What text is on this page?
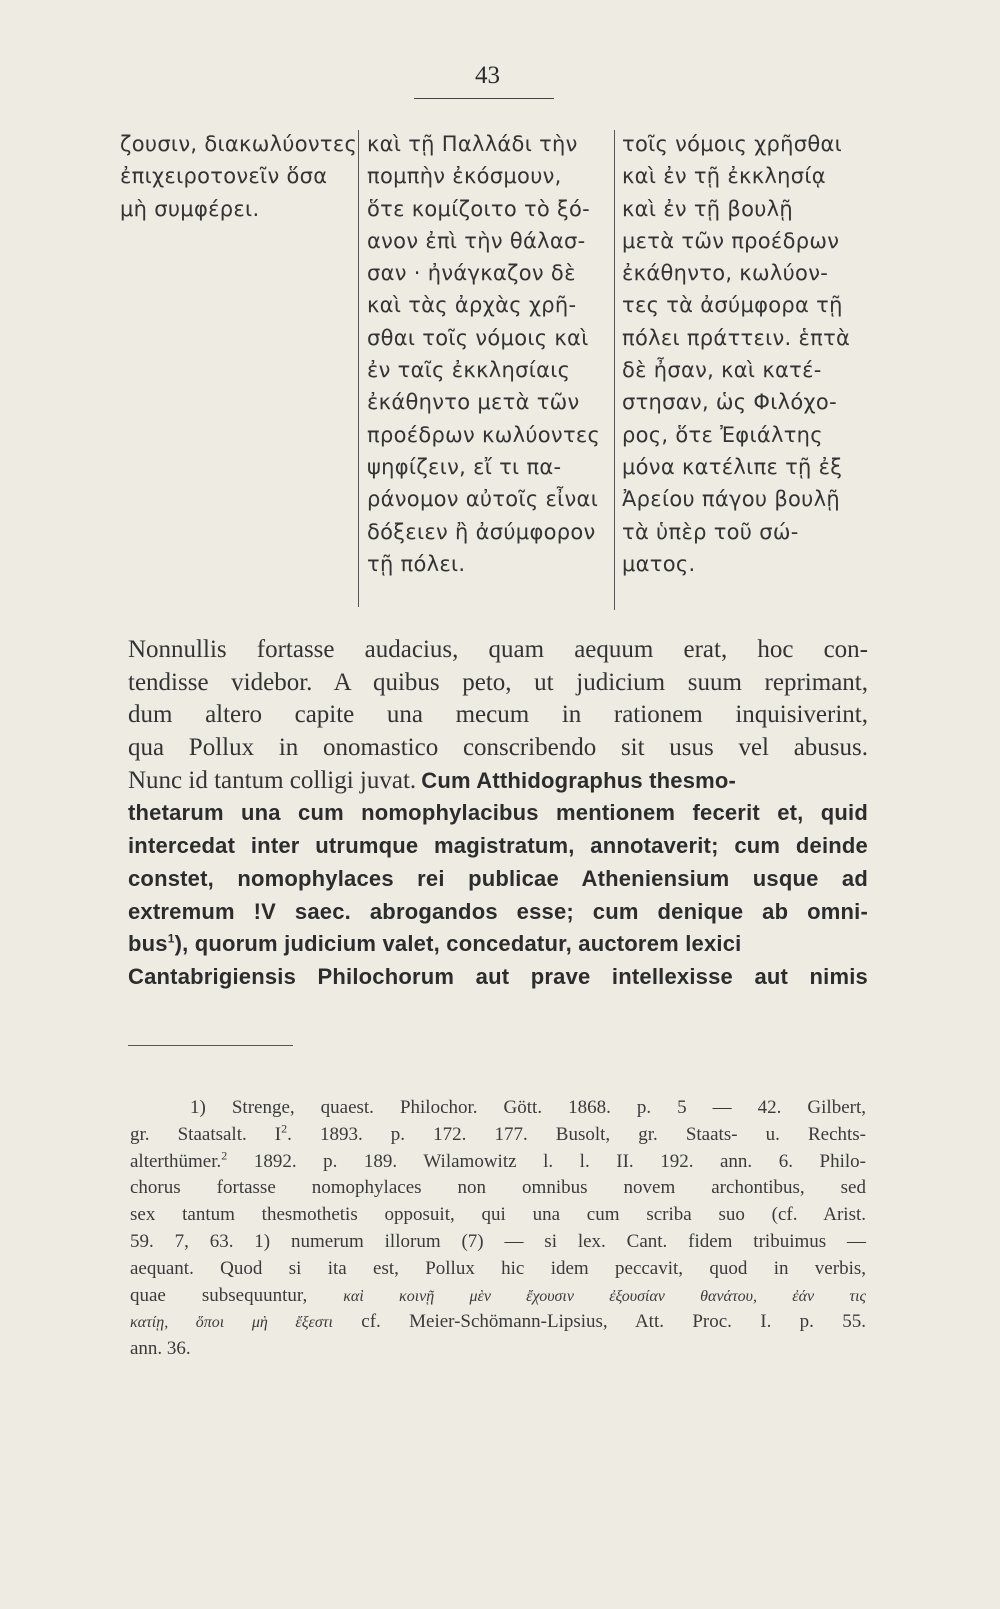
43
ζουσιν, διακωλύοντες
ἐπιχειροτονεῖν ὅσα
μὴ συμφέρει.
καὶ τῇ Παλλάδι τὴν
πομπὴν ἐκόσμουν,
ὅτε κομίζοιτο τὸ ξό-
ανον ἐπὶ τὴν θάλασ-
σαν · ἠνάγκαζον δὲ
καὶ τὰς ἀρχὰς χρῆ-
σθαι τοῖς νόμοις καὶ
ἐν ταῖς ἐκκλησίαις
ἐκάθηντο μετὰ τῶν
προέδρων κωλύοντες
ψηφίζειν, εἴ τι πα-
ράνομον αὐτοῖς εἶναι
δόξειεν ἢ ἀσύμφορον
τῇ πόλει.
τοῖς νόμοις χρῆσθαι
καὶ ἐν τῇ ἐκκλησίᾳ
καὶ ἐν τῇ βουλῇ
μετὰ τῶν προέδρων
ἐκάθηντο, κωλύον-
τες τὰ ἀσύμφορα τῇ
πόλει πράττειν. ἑπτὰ
δὲ ἦσαν, καὶ κατέ-
στησαν, ὡς Φιλόχο-
ρος, ὅτε Ἐφιάλτης
μόνα κατέλιπε τῇ ἐξ
Ἀρείου πάγου βουλῇ
τὰ ὑπὲρ τοῦ σώ-
ματος.
Nonnullis fortasse audacius, quam aequum erat, hoc con-
tendisse videbor. A quibus peto, ut judicium suum reprimant,
dum altero capite una mecum in rationem inquisiverint,
qua Pollux in onomastico conscribendo sit usus vel abusus.
Nunc id tantum colligi juvat. Cum Atthidographus thesmo-
thetarum una cum nomophylacibus mentionem fecerit et, quid
intercedat inter utrumque magistratum, annotaverit; cum deinde
constet, nomophylaces rei publicae Atheniensium usque ad
extremum !V saec. abrogandos esse; cum denique ab omni-
bus$^1$), quorum judicium valet, concedatur, auctorem lexici
Cantabrigiensis Philochorum aut prave intellexisse aut nimis
1) Strenge, quaest. Philochor. Gött. 1868. p. 5 — 42. Gilbert,
gr. Staatsalt. $I^2$. 1893. p. 172. 177. Busolt, gr. Staats- u. Rechts-
alterthümer.$^2$ 1892. p. 189. Wilamowitz l. l. II. 192. ann. 6. Philo-
chorus fortasse nomophylaces non omnibus novem archontibus, sed
sex tantum thesmothetis opposuit, qui una cum scriba suo (cf. Arist.
59. 7, 63. 1) numerum illorum (7) — si lex. Cant. fidem tribuimus —
aequant. Quod si ita est, Pollux hic idem peccavit, quod in verbis,
quae subsequuntur, καὶ κοινῇ μὲν ἔχουσιν ἐξουσίαν θανάτου, ἐάν τις
κατίῃ, ὅποι μὴ ἔξεστι cf. Meier-Schömann-Lipsius, Att. Proc. I. p. 55.
ann. 36.
